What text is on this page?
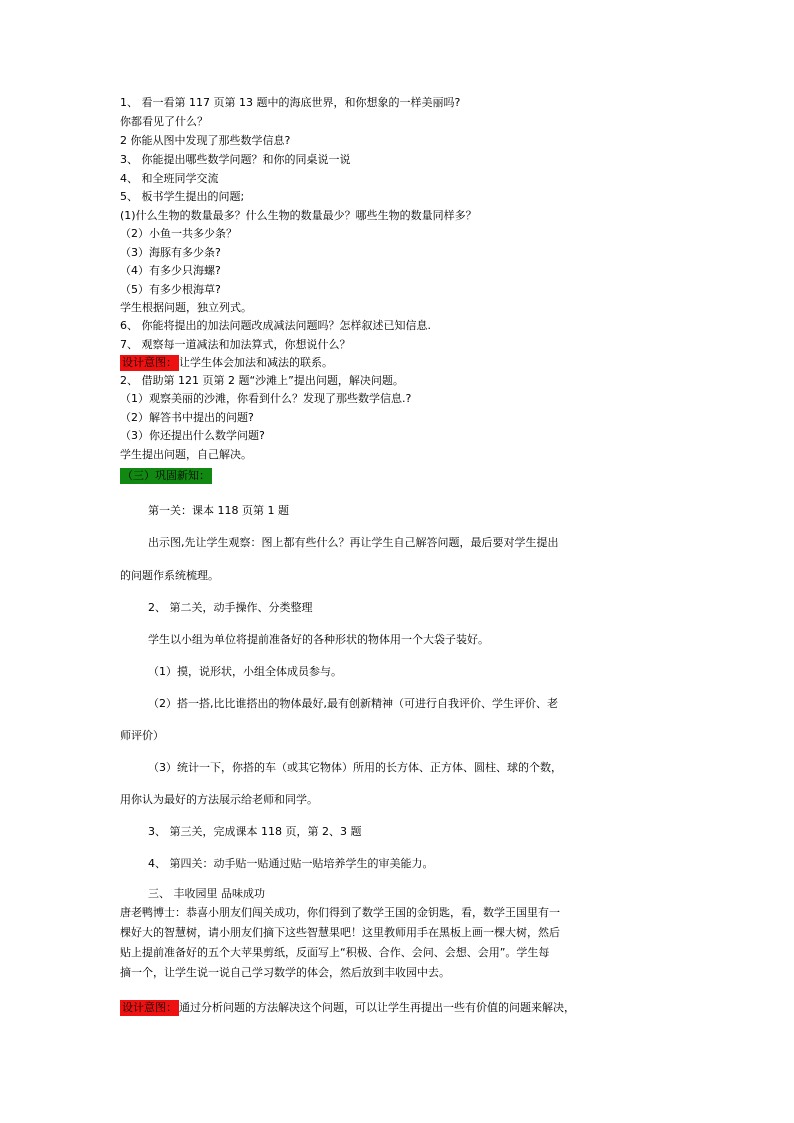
1、 看一看第 117 页第 13 题中的海底世界，和你想象的一样美丽吗?
你都看见了什么？
2 你能从图中发现了那些数学信息?
3、 你能提出哪些数学问题？和你的同桌说一说
4、 和全班同学交流
5、 板书学生提出的问题;
(1)什么生物的数量最多？什么生物的数量最少？哪些生物的数量同样多？
（2）小鱼一共多少条？
（3）海豚有多少条?
（4）有多少只海螺?
（5）有多少根海草?
学生根据问题，独立列式。
6、 你能将提出的加法问题改成减法问题吗？怎样叙述已知信息.
7、 观察每一道减法和加法算式，你想说什么？
设计意图： 让学生体会加法和减法的联系。
2、 借助第 121 页第 2 题“沙滩上”提出问题，解决问题。
（1）观察美丽的沙滩，你看到什么？发现了那些数学信息.?
（2）解答书中提出的问题?
（3）你还提出什么数学问题?
学生提出问题，自己解决。
（三）巩固新知：
第一关：课本 118 页第 1 题
出示图,先让学生观察：图上都有些什么？再让学生自己解答问题，最后要对学生提出
的问题作系统梳理。
2、 第二关，动手操作、分类整理
学生以小组为单位将提前准备好的各种形状的物体用一个大袋子装好。
（1）摸，说形状，小组全体成员参与。
（2）搭一搭,比比谁搭出的物体最好,最有创新精神（可进行自我评价、学生评价、老
师评价）
（3）统计一下，你搭的车（或其它物体）所用的长方体、正方体、圆柱、球的个数，
用你认为最好的方法展示给老师和同学。
3、 第三关，完成课本 118 页，第 2、3 题
4、 第四关：动手贴一贴通过贴一贴培养学生的审美能力。
三、 丰收园里 品味成功
唐老鸭博士：恭喜小朋友们闯关成功，你们得到了数学王国的金钥匙，看，数学王国里有一
棵好大的智慧树，请小朋友们摘下这些智慧果吧！这里教师用手在黑板上画一棵大树，然后
贴上提前准备好的五个大苹果剪纸，反面写上“积极、合作、会问、会想、会用”。学生每
摘一个，让学生说一说自己学习数学的体会，然后放到丰收园中去。
设计意图： 通过分析问题的方法解决这个问题，可以让学生再提出一些有价值的问题来解决，
